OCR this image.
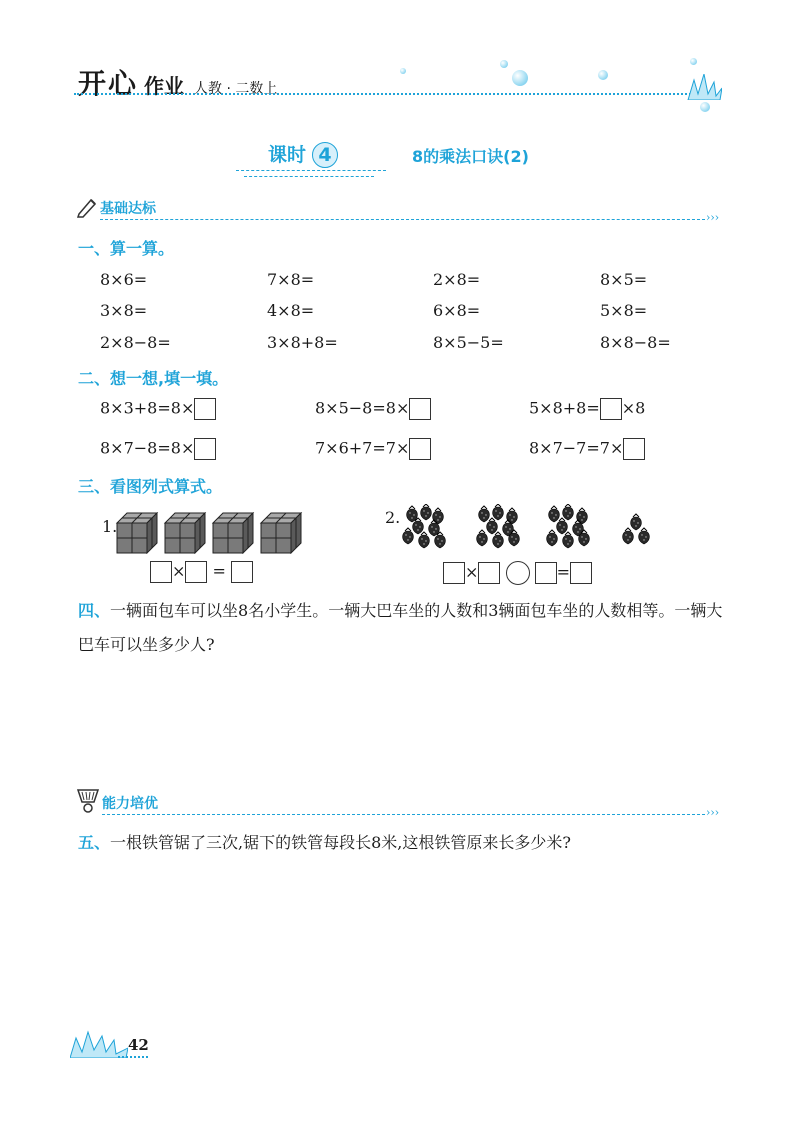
开心 作业 人教 · 二数上
课时 4	8的乘法口诀(2)
基础达标
›››
一、算一算。
8×6=	7×8=	2×8=	8×5=
3×8=	4×8=	6×8=	5×8=
2×8−8=	3×8+8=	8×5−5=	8×8−8=
二、想一想,填一填。
8×3+8=8×	8×5−8=8×	5×8+8= ×8
8×7−8=8×	7×6+7=7×	8×7−7=7×
三、看图列式算式。
1.
× =
2.
×	=
四、一辆面包车可以坐8名小学生。一辆大巴车坐的人数和3辆面包车坐的人数相等。一辆大巴车可以坐多少人?
能力培优
›››
五、一根铁管锯了三次,锯下的铁管每段长8米,这根铁管原来长多少米?
42
